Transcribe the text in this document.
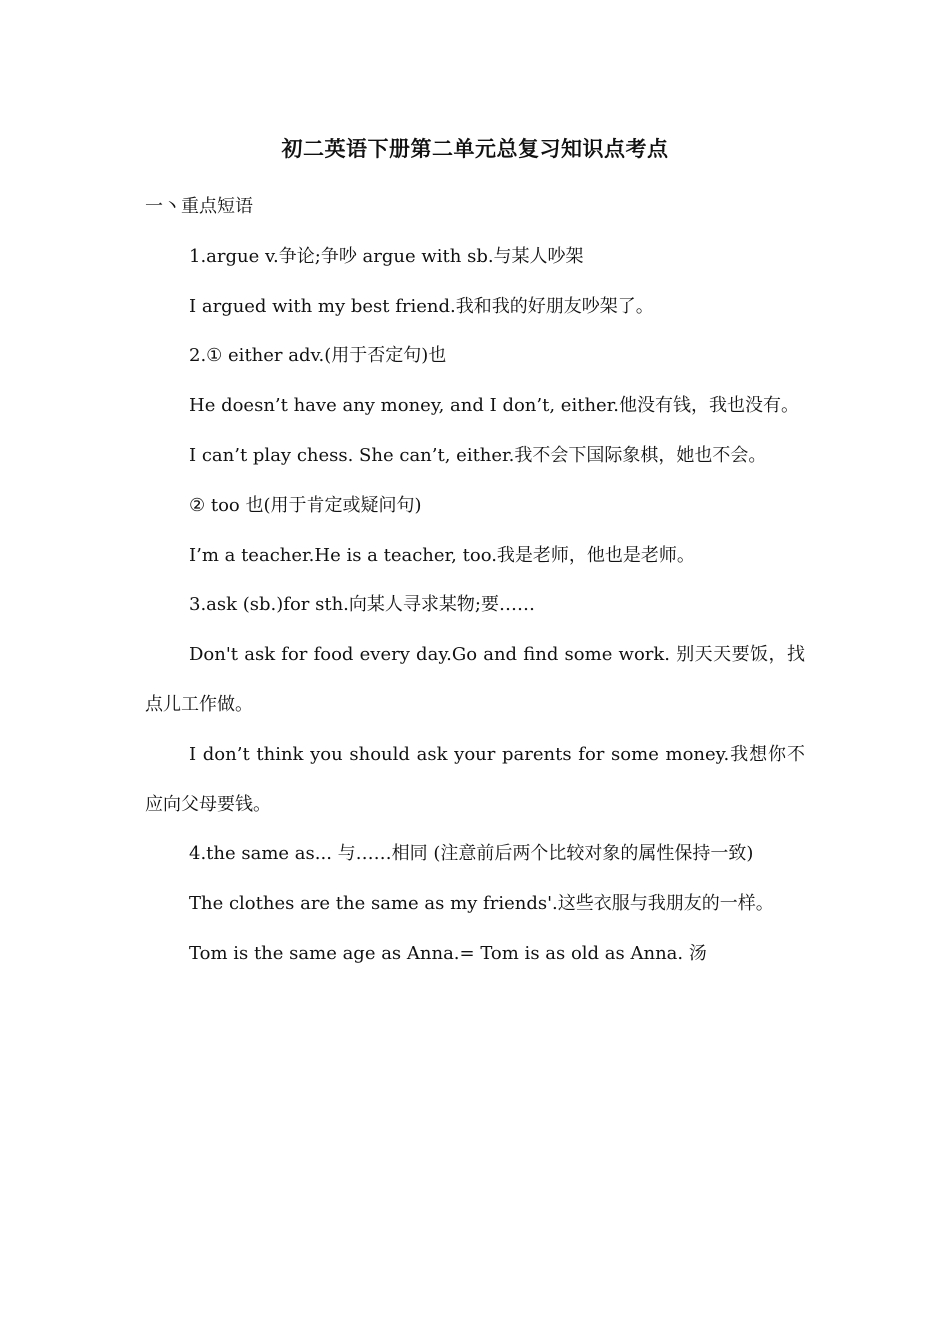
初二英语下册第二单元总复习知识点考点

一丶重点短语

1.argue v.争论;争吵 argue with sb.与某人吵架

I argued with my best friend.我和我的好朋友吵架了。

2.① either adv.(用于否定句)也

He doesn’t have any money, and I don’t, either.他没有钱，我也没有。

I can’t play chess. She can’t, either.我不会下国际象棋，她也不会。

② too 也(用于肯定或疑问句)

I’m a teacher.He is a teacher, too.我是老师，他也是老师。

3.ask (sb.)for sth.向某人寻求某物;要……

Don't ask for food every day.Go and find some work. 别天天要饭，找点儿工作做。

I don’t think you should ask your parents for some money.我想你不应向父母要钱。

4.the same as... 与……相同 (注意前后两个比较对象的属性保持一致)

The clothes are the same as my friends'.这些衣服与我朋友的一样。

Tom is the same age as Anna.= Tom is as old as Anna. 汤
